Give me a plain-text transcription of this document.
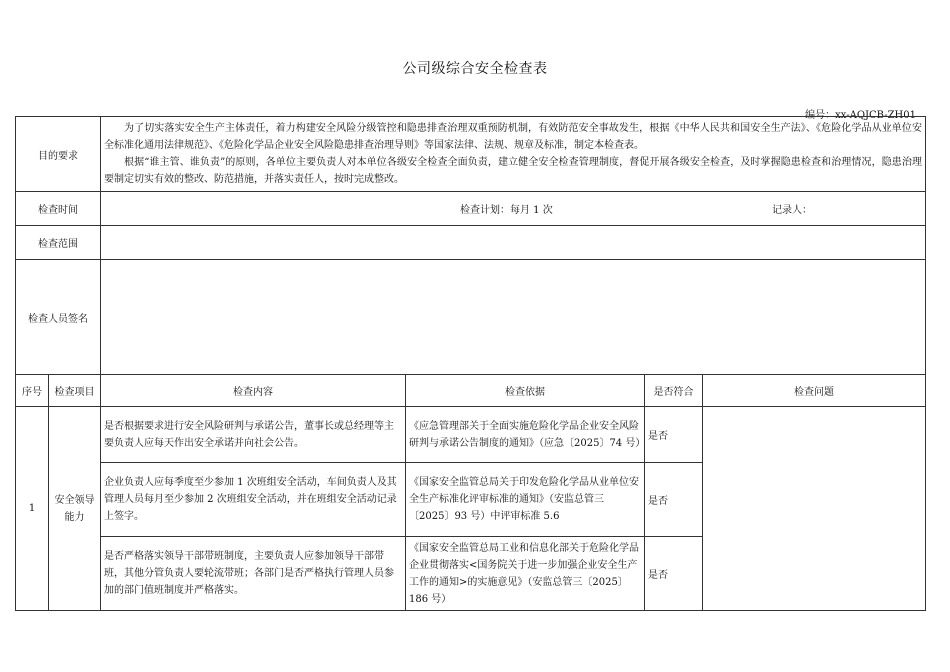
公司级综合安全检查表
编号：xx-AQJCB-ZH01
目的要求		为了切实落实安全生产主体责任，着力构建安全风险分级管控和隐患排查治理双重预防机制，有效防范安全事故发生，根据《中华人民共和国安全生产法》、《危险化学品从业单位安全标准化通用法律规范》、《危险化学品企业安全风险隐患排查治理导则》等国家法律、法规、规章及标准，制定本检查表。

根据“谁主管、谁负责”的原则，各单位主要负责人对本单位各级安全检查全面负责，建立健全安全检查管理制度，督促开展各级安全检查，及时掌握隐患检查和治理情况，隐患治理要制定切实有效的整改、防范措施，并落实责任人，按时完成整改。			

检查时间		检查计划：每月 1 次 记录人：			

检查范围					
检查人员签名					
序号	检查项目	检查内容	检查依据	是否符合	检查问题
1	安全领导能力	是否根据要求进行安全风险研判与承诺公告，董事长或总经理等主要负责人应每天作出安全承诺并向社会公告。	《应急管理部关于全面实施危险化学品企业安全风险研判与承诺公告制度的通知》（应急〔2025〕74 号）	是否	
		企业负责人应每季度至少参加 1 次班组安全活动，车间负责人及其管理人员每月至少参加 2 次班组安全活动，并在班组安全活动记录上签字。	《国家安全监管总局关于印发危险化学品从业单位安全生产标准化评审标准的通知》（安监总管三〔2025〕93 号）中评审标准 5.6	是否	
		是否严格落实领导干部带班制度，主要负责人应参加领导干部带班，其他分管负责人要轮流带班；各部门是否严格执行管理人员参加的部门值班制度并严格落实。	《国家安全监管总局工业和信息化部关于危险化学品企业贯彻落实<国务院关于进一步加强企业安全生产工作的通知>的实施意见》（安监总管三〔2025〕186 号）	是否	
